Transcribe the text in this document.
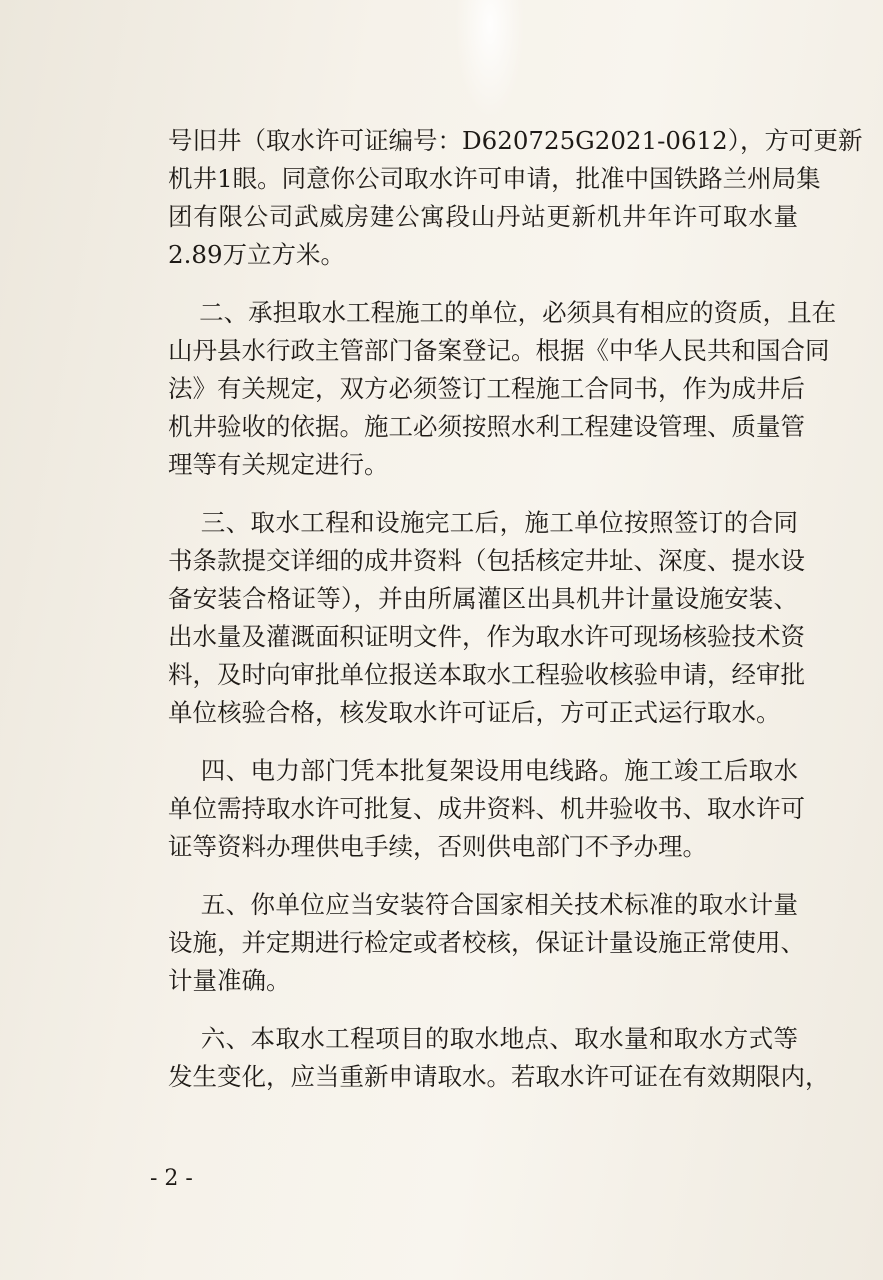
号旧井（取水许可证编号：D620725G2021-0612），方可更新
机井1眼。同意你公司取水许可申请，批准中国铁路兰州局集
团有限公司武威房建公寓段山丹站更新机井年许可取水量
2.89万立方米。
二、承担取水工程施工的单位，必须具有相应的资质，且在
山丹县水行政主管部门备案登记。根据《中华人民共和国合同
法》有关规定，双方必须签订工程施工合同书，作为成井后
机井验收的依据。施工必须按照水利工程建设管理、质量管
理等有关规定进行。
三、取水工程和设施完工后，施工单位按照签订的合同
书条款提交详细的成井资料（包括核定井址、深度、提水设
备安装合格证等），并由所属灌区出具机井计量设施安装、
出水量及灌溉面积证明文件，作为取水许可现场核验技术资
料，及时向审批单位报送本取水工程验收核验申请，经审批
单位核验合格，核发取水许可证后，方可正式运行取水。
四、电力部门凭本批复架设用电线路。施工竣工后取水
单位需持取水许可批复、成井资料、机井验收书、取水许可
证等资料办理供电手续，否则供电部门不予办理。
五、你单位应当安装符合国家相关技术标准的取水计量
设施，并定期进行检定或者校核，保证计量设施正常使用、
计量准确。
六、本取水工程项目的取水地点、取水量和取水方式等
发生变化，应当重新申请取水。若取水许可证在有效期限内，
- 2 -
